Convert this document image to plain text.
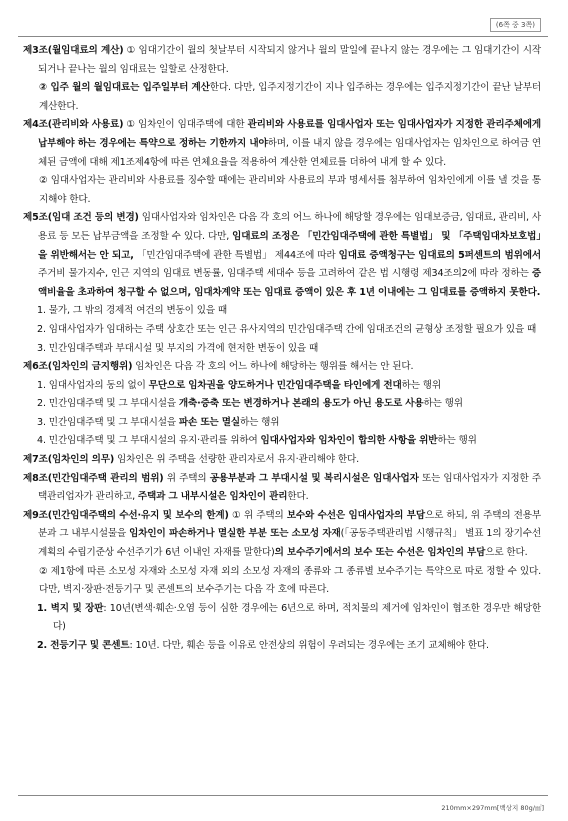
(6쪽 중 3쪽)

제3조(월임대료의 계산) ① 임대기간이 월의 첫날부터 시작되지 않거나 월의 말일에 끝나지 않는 경우에는 그 임대기간이 시작되거나 끝나는 월의 임대료는 일할로 산정한다.

② 입주 월의 월임대료는 입주일부터 계산한다. 다만, 입주지정기간이 지나 입주하는 경우에는 입주지정기간이 끝난 날부터 계산한다.

제4조(관리비와 사용료) ① 임차인이 임대주택에 대한 관리비와 사용료를 임대사업자 또는 임대사업자가 지정한 관리주체에게 납부해야 하는 경우에는 특약으로 정하는 기한까지 내야하며, 이를 내지 않을 경우에는 임대사업자는 임차인으로 하여금 연체된 금액에 대해 제1조제4항에 따른 연체요율을 적용하여 계산한 연체료를 더하여 내게 할 수 있다.

② 임대사업자는 관리비와 사용료를 징수할 때에는 관리비와 사용료의 부과 명세서를 첨부하여 임차인에게 이를 낼 것을 통지해야 한다.

제5조(임대 조건 등의 변경) 임대사업자와 임차인은 다음 각 호의 어느 하나에 해당할 경우에는 임대보증금, 임대료, 관리비, 사용료 등 모든 납부금액을 조정할 수 있다. 다만, 임대료의 조정은 「민간임대주택에 관한 특별법」 및 「주택임대차보호법」을 위반해서는 안 되고, 「민간임대주택에 관한 특별법」 제44조에 따라 임대료 증액청구는 임대료의 5퍼센트의 범위에서 주거비 물가지수, 인근 지역의 임대료 변동률, 임대주택 세대수 등을 고려하여 같은 법 시행령 제34조의2에 따라 정하는 증액비율을 초과하여 청구할 수 없으며, 임대차계약 또는 임대료 증액이 있은 후 1년 이내에는 그 임대료를 증액하지 못한다.

1. 물가, 그 밖의 경제적 여건의 변동이 있을 때

2. 임대사업자가 임대하는 주택 상호간 또는 인근 유사지역의 민간임대주택 간에 임대조건의 균형상 조정할 필요가 있을 때

3. 민간임대주택과 부대시설 및 부지의 가격에 현저한 변동이 있을 때

제6조(임차인의 금지행위) 임차인은 다음 각 호의 어느 하나에 해당하는 행위를 해서는 안 된다.

1. 임대사업자의 동의 없이 무단으로 임차권을 양도하거나 민간임대주택을 타인에게 전대하는 행위

2. 민간임대주택 및 그 부대시설을 개축·증축 또는 변경하거나 본래의 용도가 아닌 용도로 사용하는 행위

3. 민간임대주택 및 그 부대시설을 파손 또는 멸실하는 행위

4. 민간임대주택 및 그 부대시설의 유지·관리를 위하여 임대사업자와 임차인이 합의한 사항을 위반하는 행위

제7조(임차인의 의무) 임차인은 위 주택을 선량한 관리자로서 유지·관리해야 한다.

제8조(민간임대주택 관리의 범위) 위 주택의 공용부분과 그 부대시설 및 복리시설은 임대사업자 또는 임대사업자가 지정한 주택관리업자가 관리하고, 주택과 그 내부시설은 임차인이 관리한다.

제9조(민간임대주택의 수선·유지 및 보수의 한계) ① 위 주택의 보수와 수선은 임대사업자의 부담으로 하되, 위 주택의 전용부분과 그 내부시설물을 임차인이 파손하거나 멸실한 부분 또는 소모성 자재(「공동주택관리법 시행규칙」 별표 1의 장기수선계획의 수립기준상 수선주기가 6년 이내인 자재를 말한다)의 보수주기에서의 보수 또는 수선은 임차인의 부담으로 한다.

② 제1항에 따른 소모성 자재와 소모성 자재 외의 소모성 자재의 종류와 그 종류별 보수주기는 특약으로 따로 정할 수 있다. 다만, 벽지·장판·전등기구 및 콘센트의 보수주기는 다음 각 호에 따른다.

1. 벽지 및 장판: 10년(변색·훼손·오염 등이 심한 경우에는 6년으로 하며, 적치물의 제거에 임차인이 협조한 경우만 해당한다)

2. 전등기구 및 콘센트: 10년. 다만, 훼손 등을 이유로 안전상의 위험이 우려되는 경우에는 조기 교체해야 한다.

210mm×297mm[백상지 80g/㎡]
